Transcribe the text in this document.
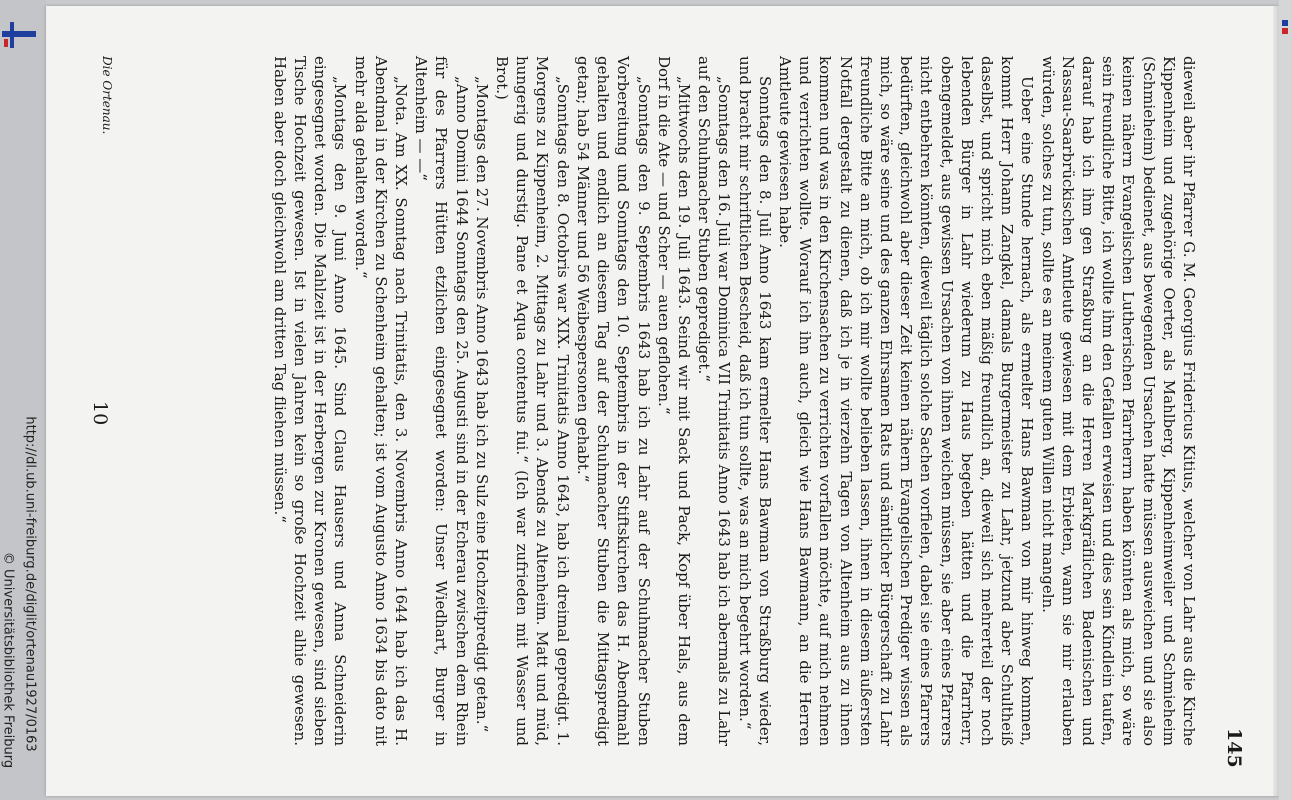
http://dl.ub.uni-freiburg.de/diglit/ortenau1927/0163
© Universitätsbibliothek Freiburg	145

dieweil aber ihr Pfarrer G. M. Georgius Fridericus Kitius, welcher von Lahr aus die Kirche Kippenheim und zugehörige Oerter, als Mahlberg, Kippenheimweiler und Schmieheim (Schmieheim) bedienet, aus bewegenden Ursachen hatte müssen ausweichen und sie also keinen nähern Evangelischen Lutherischen Pfarrherrn haben könnten als mich, so wäre sein freundliche Bitte, ich wollte ihm den Gefallen erweisen und dies sein Kindlein taufen, darauf hab ich ihm gen Straßburg an die Herren Markgräflichen Badenischen und Nassau-Saarbrückischen Amtleute gewiesen mit dem Erbieten, wann sie mir erlauben würden, solches zu tun, sollte es an meinem guten Willen nicht mangeln.

Ueber eine Stunde hernach, als ermelter Hans Bawman von mir hinweg kommen, kommt Herr Johann Zangkel, damals Burgermeister zu Lahr, jetzund aber Schultheiß daselbst, und spricht mich eben mäßig freundlich an, dieweil sich mehrerteil der noch lebenden Bürger in Lahr wiederum zu Haus begeben hätten und die Pfarrherr, obengemeldet, aus gewissen Ursachen von ihnen weichen müssen, sie aber eines Pfarrers nicht entbehren könnten, dieweil täglich solche Sachen vorfielen, dabei sie eines Pfarrers bedürften, gleichwohl aber dieser Zeit keinen nähern Evangelischen Prediger wissen als mich, so wäre seine und des ganzen Ehrsamen Rats und sämtlicher Bürgerschaft zu Lahr freundliche Bitte an mich, ob ich mir wollte belieben lassen, ihnen in diesem äußersten Notfall dergestalt zu dienen, daß ich je in vierzehn Tagen von Altenheim aus zu ihnen kommen und was in den Kirchensachen zu verrichten vorfallen möchte, auf mich nehmen und verrichten wollte. Worauf ich ihn auch, gleich wie Hans Bawmann, an die Herren Amtleute gewiesen habe.

Sonntags den 8. Juli Anno 1643 kam ermelter Hans Bawman von Straßburg wieder, und bracht mir schriftlichen Bescheid, daß ich tun sollte, was an mich begehrt worden.“

„Sonntags den 16. Juli war Dominica VII Trinitatis Anno 1643 hab ich abermals zu Lahr auf den Schuhmacher Stuben geprediget.“

„Mittwochs den 19. Juli 1643. Seind wir mit Sack und Pack, Kopf über Hals, aus dem Dorf in die Ate — und Scher — auen geflohen.“

„Sonntags den 9. Septembris 1643 hab ich zu Lahr auf der Schuhmacher Stuben Vorbereitung und Sonntags den 10. Septembris in der Stiftskirchen das H. Abendmahl gehalten und endlich an diesem Tag auf der Schuhmacher Stuben die Mittagspredigt getan; hab 54 Männer und 56 Weibespersonen gehabt.“

„Sonntags den 8. Octobris war XIX. Trinitatis Anno 1643, hab ich dreimal gepredigt. 1. Morgens zu Kippenheim, 2. Mittags zu Lahr und 3. Abends zu Altenheim. Matt und müd, hungerig und durstig. Pane et Aqua contentus fui.“ (Ich war zufrieden mit Wasser und Brot.)

„Montags den 27. Novembris Anno 1643 hab ich zu Sulz eine Hochzeitpredigt getan.“

„Anno Domini 1644 Sonntags den 25. Augusti sind in der Echerau zwischen dem Rhein für des Pfarrers Hütten etzlichen eingesegnet worden: Unser Wiedhart, Burger in Altenheim — —“

„Nota. Am XX. Sonntag nach Trinitatis, den 3. Novembris Anno 1644 hab ich das H. Abendmal in der Kirchen zu Schenheim gehalten; ist vom Augusto Anno 1634 bis dato nit mehr alda gehalten worden.“

„Montags den 9. Juni Anno 1645. Sind Claus Hausers und Anna Schneiderin eingesegnet worden. Die Mahlzeit ist in der Herbergen zur Kronen gewesen, sind sieben Tische Hochzeit gewesen. Ist in vielen Jahren kein so große Hochzeit alhie gewesen. Haben aber doch gleichwohl am dritten Tag fliehen müssen.“

Die Ortenau.
10
